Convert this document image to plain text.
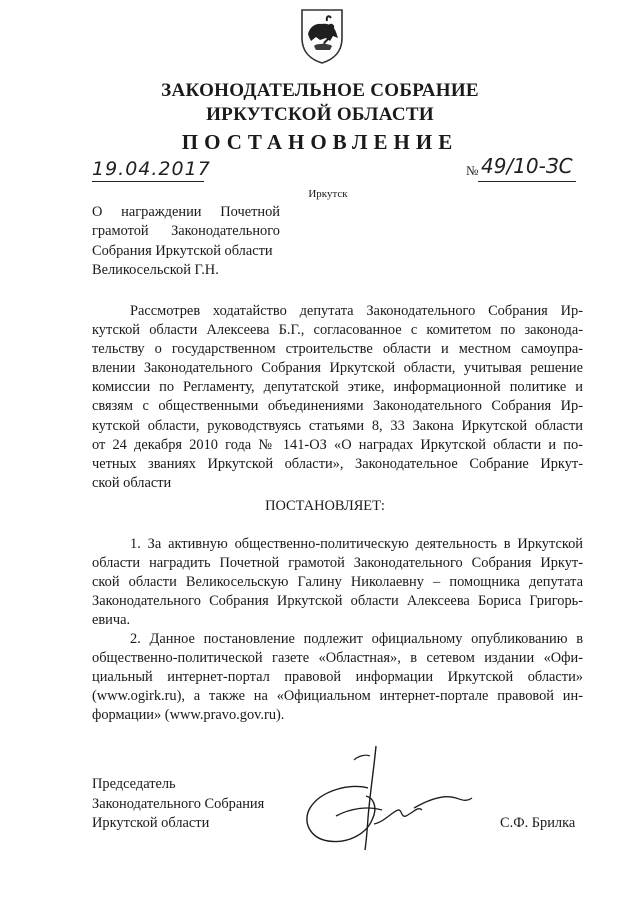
ЗАКОНОДАТЕЛЬНОЕ СОБРАНИЕ
ИРКУТСКОЙ ОБЛАСТИ
ПОСТАНОВЛЕНИЕ
19.04.2017	№ 49/10-ЗС
Иркутск
О награждении Почетной
грамотой Законодательного
Собрания Иркутской области
Великосельской Г.Н.
Рассмотрев ходатайство депутата Законодательного Собрания Ир-
кутской области Алексеева Б.Г., согласованное с комитетом по законода-
тельству о государственном строительстве области и местном самоупра-
влении Законодательного Собрания Иркутской области, учитывая решение
комиссии по Регламенту, депутатской этике, информационной политике и
связям с общественными объединениями Законодательного Собрания Ир-
кутской области, руководствуясь статьями 8, 33 Закона Иркутской области
от 24 декабря 2010 года № 141-ОЗ «О наградах Иркутской области и по-
четных званиях Иркутской области», Законодательное Собрание Иркут-
ской области
ПОСТАНОВЛЯЕТ:
1. За активную общественно-политическую деятельность в Иркутской
области наградить Почетной грамотой Законодательного Собрания Иркут-
ской области Великосельскую Галину Николаевну – помощника депутата
Законодательного Собрания Иркутской области Алексеева Бориса Григорь-
евича.
2. Данное постановление подлежит официальному опубликованию в
общественно-политической газете «Областная», в сетевом издании «Офи-
циальный интернет-портал правовой информации Иркутской области»
(www.ogirk.ru), а также на «Официальном интернет-портале правовой ин-
формации» (www.pravo.gov.ru).
Председатель
Законодательного Собрания
Иркутской области	С.Ф. Брилка
